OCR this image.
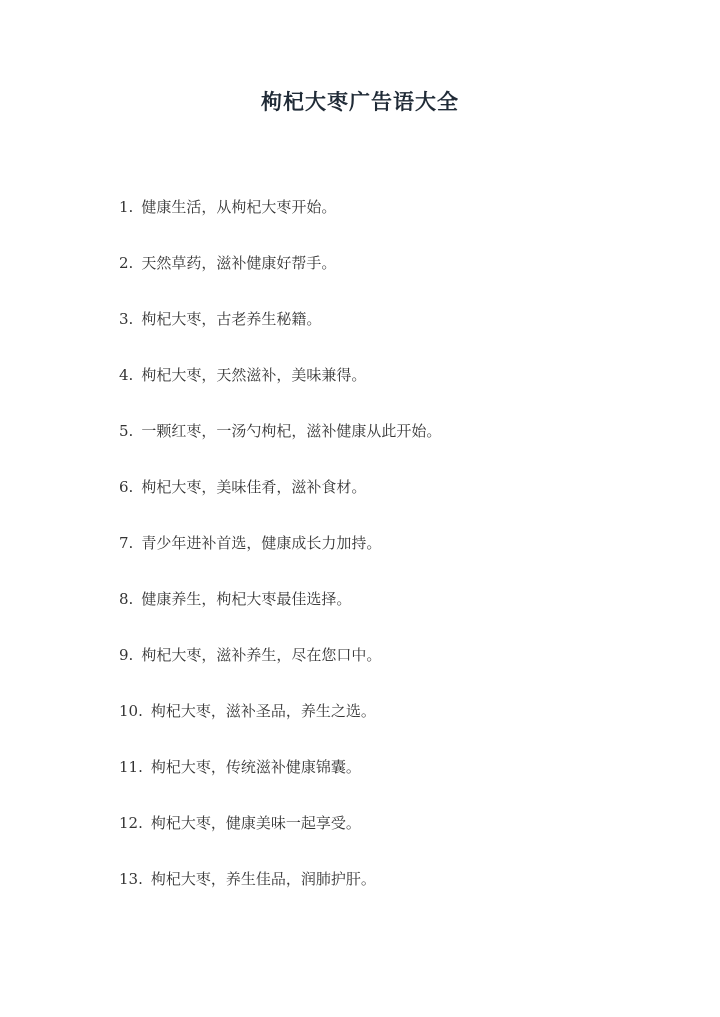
枸杞大枣广告语大全
1. 健康生活，从枸杞大枣开始。
2. 天然草药，滋补健康好帮手。
3. 枸杞大枣，古老养生秘籍。
4. 枸杞大枣，天然滋补，美味兼得。
5. 一颗红枣，一汤勺枸杞，滋补健康从此开始。
6. 枸杞大枣，美味佳肴，滋补食材。
7. 青少年进补首选，健康成长力加持。
8. 健康养生，枸杞大枣最佳选择。
9. 枸杞大枣，滋补养生，尽在您口中。
10. 枸杞大枣，滋补圣品，养生之选。
11. 枸杞大枣，传统滋补健康锦囊。
12. 枸杞大枣，健康美味一起享受。
13. 枸杞大枣，养生佳品，润肺护肝。
